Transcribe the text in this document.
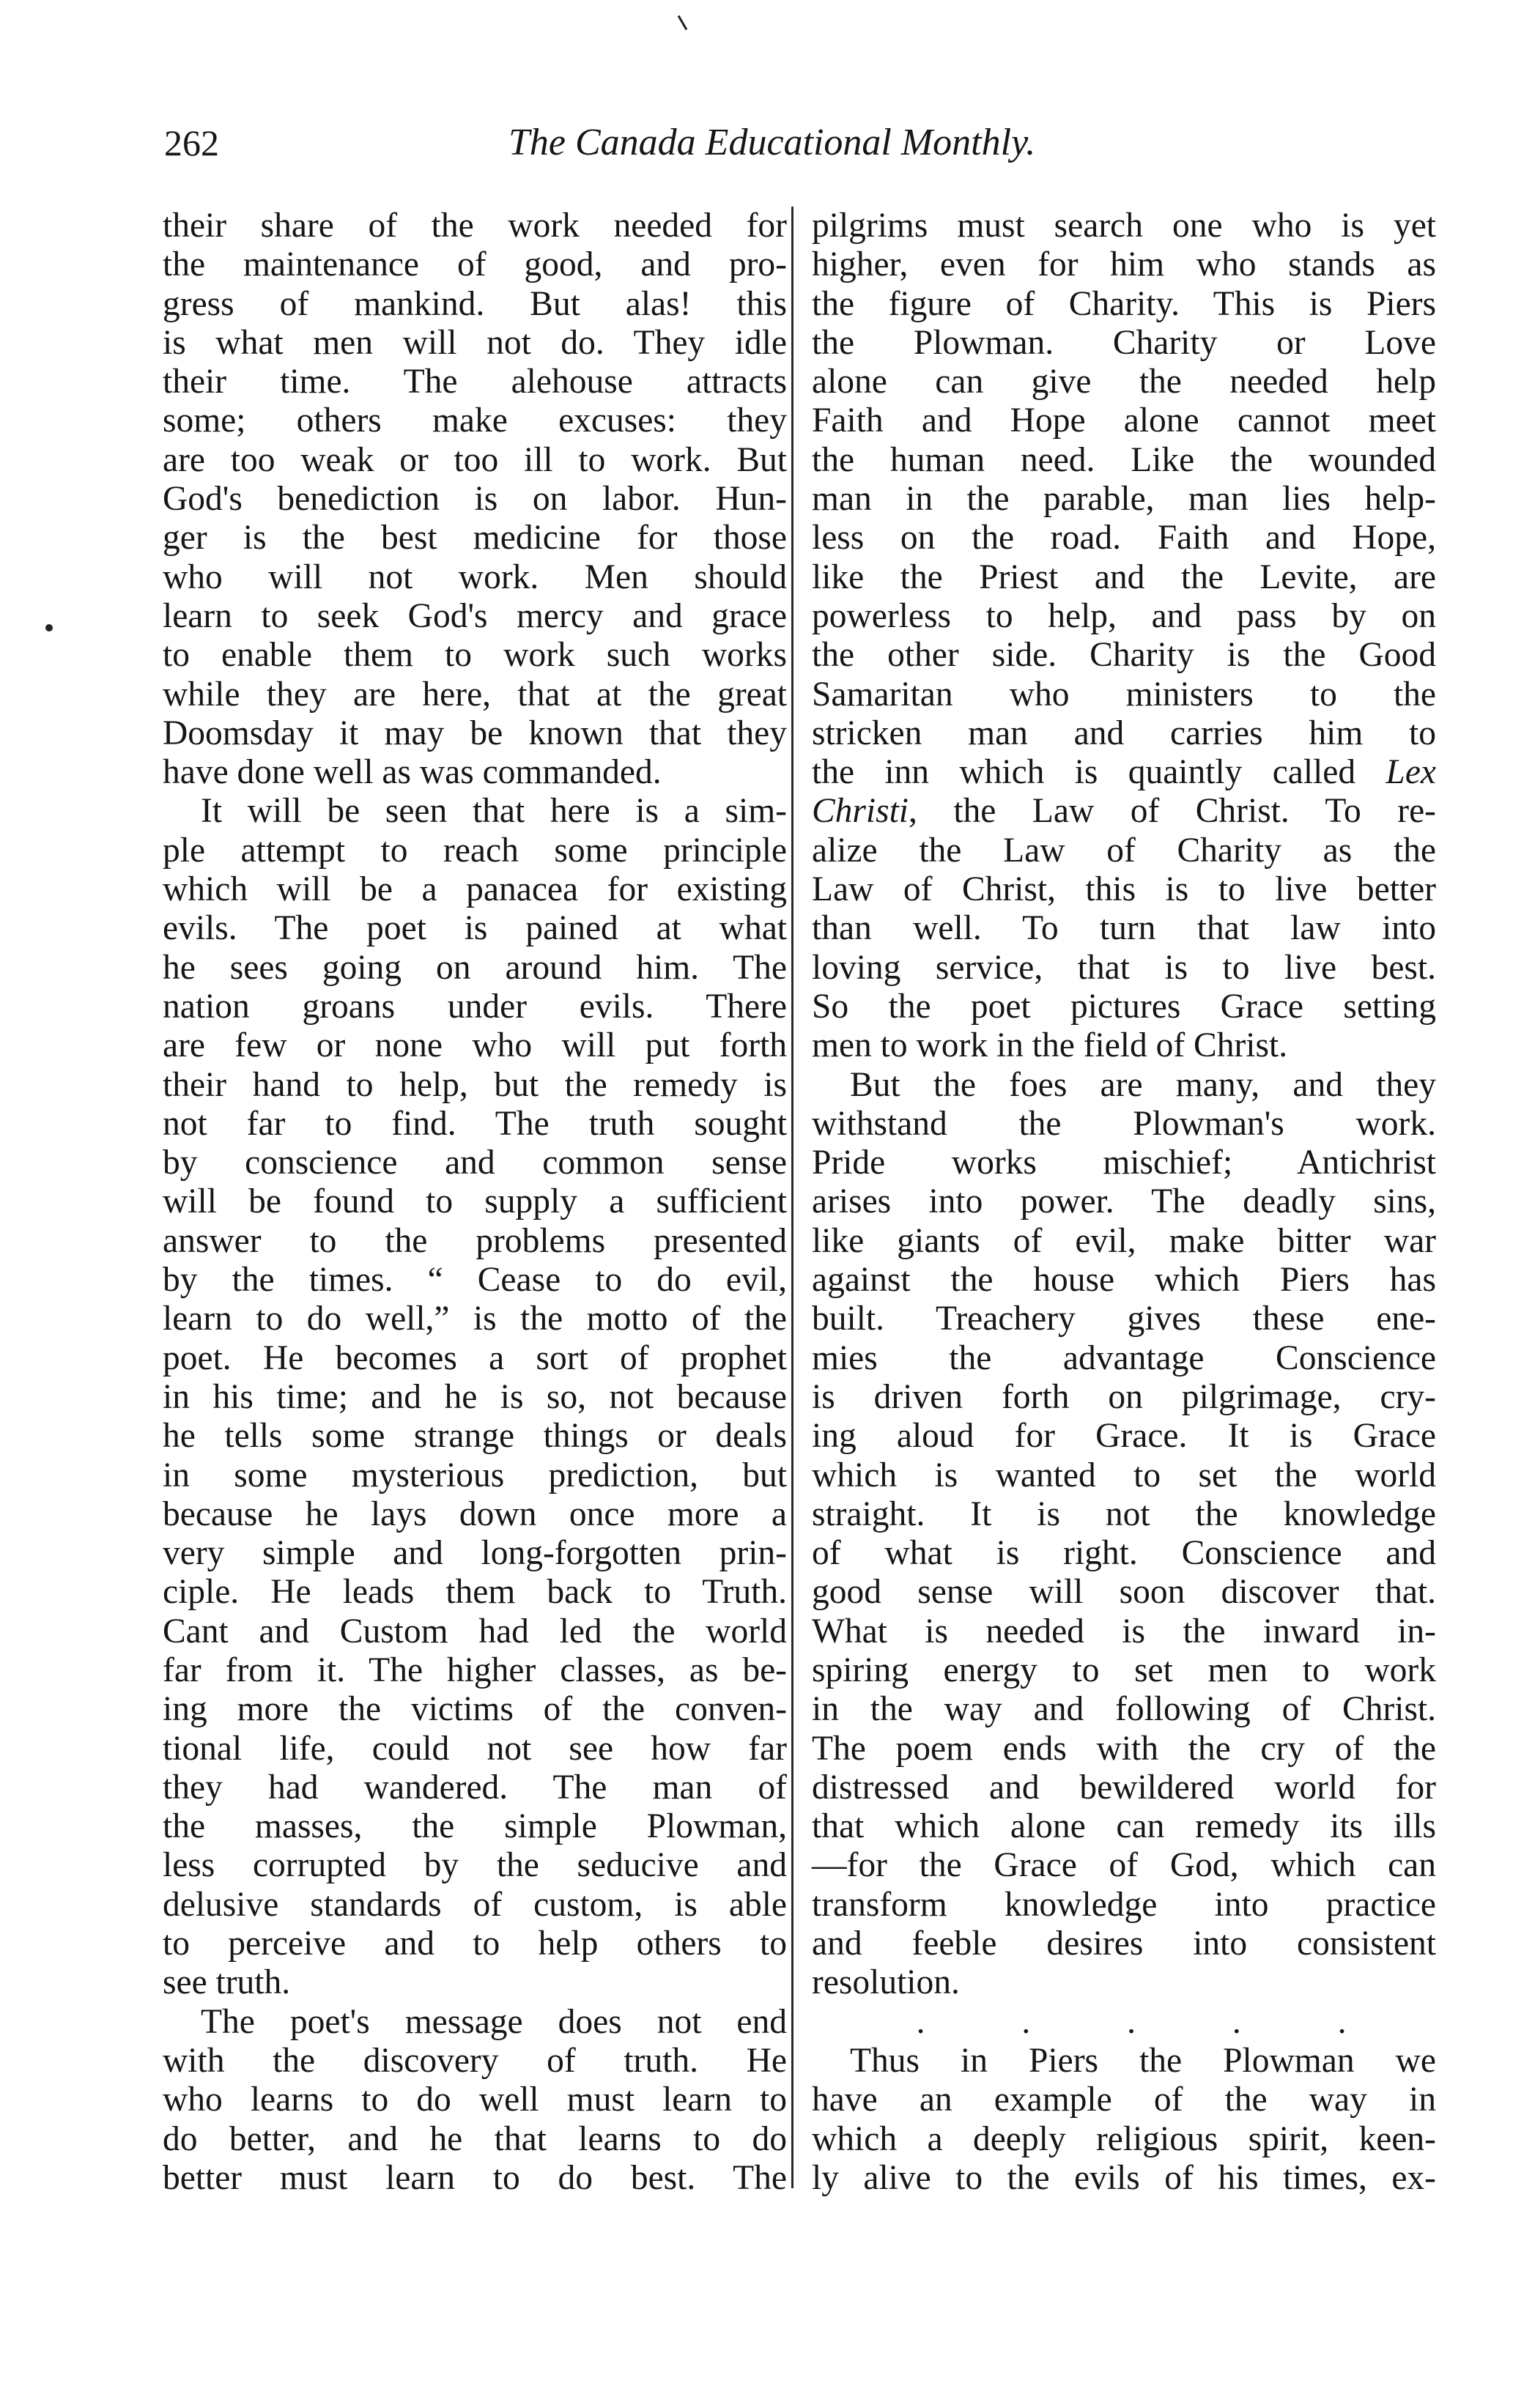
262	The Canada Educational Monthly.
their share of the work needed for
the maintenance of good, and pro-
gress of mankind. But alas! this
is what men will not do. They idle
their time. The alehouse attracts
some; others make excuses: they
are too weak or too ill to work. But
God's benediction is on labor. Hun-
ger is the best medicine for those
who will not work. Men should
learn to seek God's mercy and grace
to enable them to work such works
while they are here, that at the great
Doomsday it may be known that they
have done well as was commanded.
It will be seen that here is a sim-
ple attempt to reach some principle
which will be a panacea for existing
evils. The poet is pained at what
he sees going on around him. The
nation groans under evils. There
are few or none who will put forth
their hand to help, but the remedy is
not far to find. The truth sought
by conscience and common sense
will be found to supply a sufficient
answer to the problems presented
by the times. “ Cease to do evil,
learn to do well,” is the motto of the
poet. He becomes a sort of prophet
in his time; and he is so, not because
he tells some strange things or deals
in some mysterious prediction, but
because he lays down once more a
very simple and long-forgotten prin-
ciple. He leads them back to Truth.
Cant and Custom had led the world
far from it. The higher classes, as be-
ing more the victims of the conven-
tional life, could not see how far
they had wandered. The man of
the masses, the simple Plowman,
less corrupted by the seducive and
delusive standards of custom, is able
to perceive and to help others to
see truth.
The poet's message does not end
with the discovery of truth. He
who learns to do well must learn to
do better, and he that learns to do
better must learn to do best. The
pilgrims must search one who is yet
higher, even for him who stands as
the figure of Charity. This is Piers
the Plowman. Charity or Love
alone can give the needed help
Faith and Hope alone cannot meet
the human need. Like the wounded
man in the parable, man lies help-
less on the road. Faith and Hope,
like the Priest and the Levite, are
powerless to help, and pass by on
the other side. Charity is the Good
Samaritan who ministers to the
stricken man and carries him to
the inn which is quaintly called Lex
Christi, the Law of Christ. To re-
alize the Law of Charity as the
Law of Christ, this is to live better
than well. To turn that law into
loving service, that is to live best.
So the poet pictures Grace setting
men to work in the field of Christ.
But the foes are many, and they
withstand the Plowman's work.
Pride works mischief; Antichrist
arises into power. The deadly sins,
like giants of evil, make bitter war
against the house which Piers has
built. Treachery gives these ene-
mies the advantage Conscience
is driven forth on pilgrimage, cry-
ing aloud for Grace. It is Grace
which is wanted to set the world
straight. It is not the knowledge
of what is right. Conscience and
good sense will soon discover that.
What is needed is the inward in-
spiring energy to set men to work
in the way and following of Christ.
The poem ends with the cry of the
distressed and bewildered world for
that which alone can remedy its ills
—for the Grace of God, which can
transform knowledge into practice
and feeble desires into consistent
resolution.
. . . . .
Thus in Piers the Plowman we
have an example of the way in
which a deeply religious spirit, keen-
ly alive to the evils of his times, ex-
